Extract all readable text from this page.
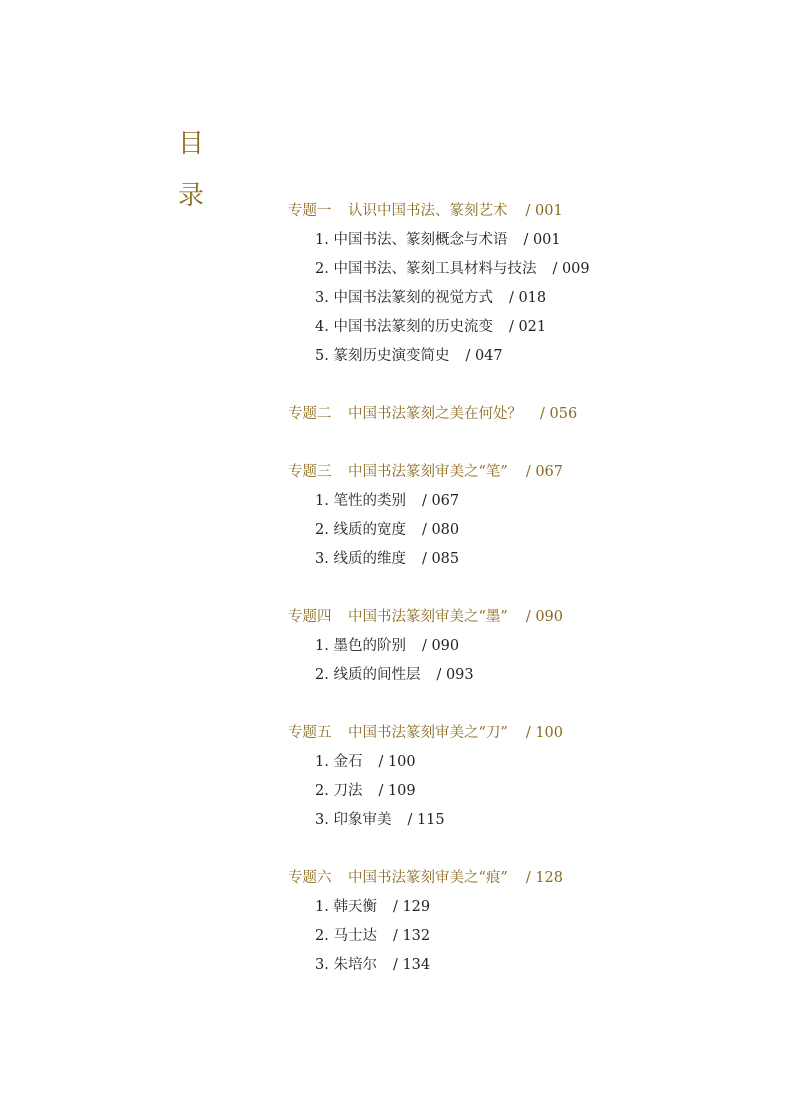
目
录	专题一 认识中国书法、篆刻艺术 / 001
1. 中国书法、篆刻概念与术语 / 001
2. 中国书法、篆刻工具材料与技法 / 009
3. 中国书法篆刻的视觉方式 / 018
4. 中国书法篆刻的历史流变 / 021
5. 篆刻历史演变简史 / 047
专题二 中国书法篆刻之美在何处？ / 056
专题三 中国书法篆刻审美之“笔” / 067
1. 笔性的类别 / 067
2. 线质的宽度 / 080
3. 线质的维度 / 085
专题四 中国书法篆刻审美之“墨” / 090
1. 墨色的阶别 / 090
2. 线质的间性层 / 093
专题五 中国书法篆刻审美之“刀” / 100
1. 金石 / 100
2. 刀法 / 109
3. 印象审美 / 115
专题六 中国书法篆刻审美之“痕” / 128
1. 韩天衡 / 129
2. 马士达 / 132
3. 朱培尔 / 134
